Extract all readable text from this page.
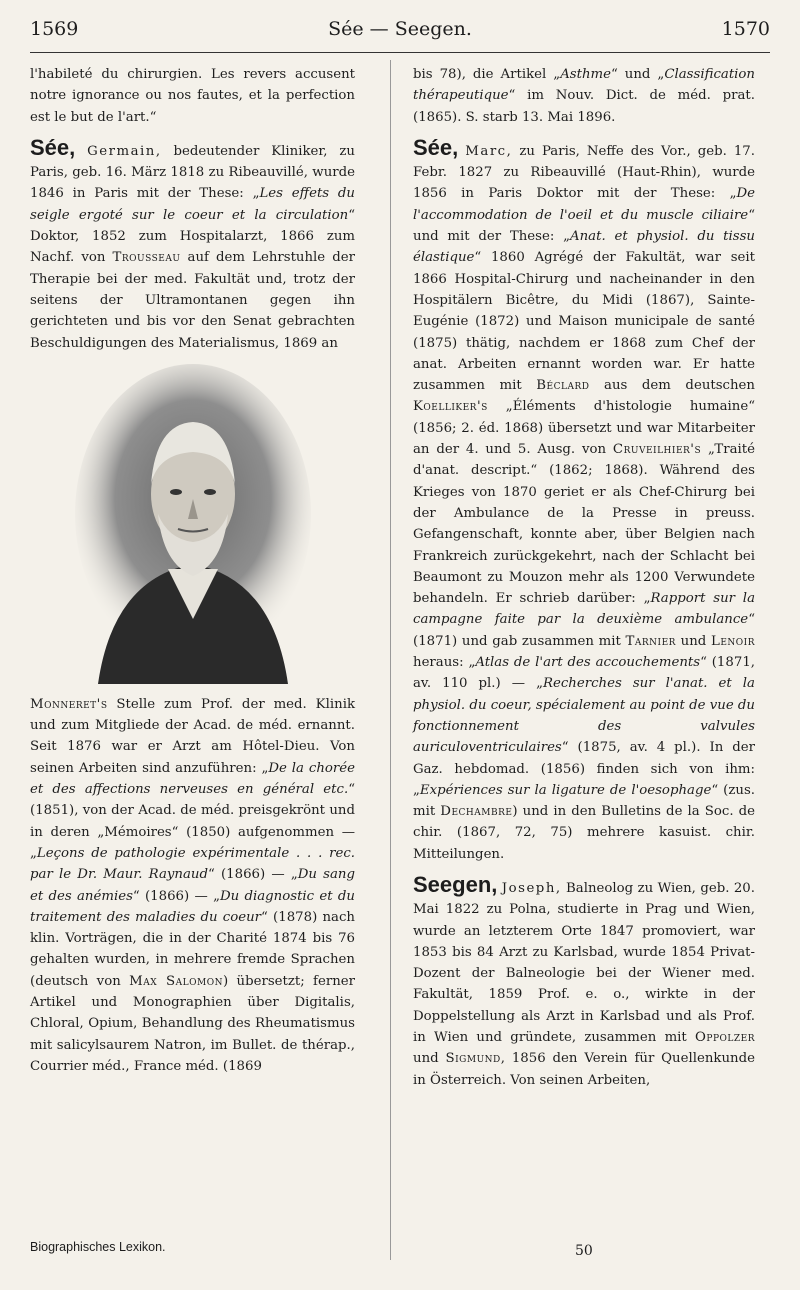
1569	Sée — Seegen.	1570

l'habileté du chirurgien. Les revers accusent notre ignorance ou nos fautes, et la perfection est le but de l'art.“

Sée, Germain, bedeutender Kliniker, zu Paris, geb. 16. März 1818 zu Ribeauvillé, wurde 1846 in Paris mit der These: „Les effets du seigle ergoté sur le coeur et la circulation“ Doktor, 1852 zum Hospitalarzt, 1866 zum Nachf. von Trousseau auf dem Lehrstuhle der Therapie bei der med. Fakultät und, trotz der seitens der Ultramontanen gegen ihn gerichteten und bis vor den Senat gebrachten Beschuldigungen des Materialismus, 1869 an

Monneret's Stelle zum Prof. der med. Klinik und zum Mitgliede der Acad. de méd. ernannt. Seit 1876 war er Arzt am Hôtel-Dieu. Von seinen Arbeiten sind anzuführen: „De la chorée et des affections nerveuses en général etc.“ (1851), von der Acad. de méd. preisgekrönt und in deren „Mémoires“ (1850) aufgenommen — „Leçons de pathologie expérimentale . . . rec. par le Dr. Maur. Raynaud“ (1866) — „Du sang et des anémies“ (1866) — „Du diagnostic et du traitement des maladies du coeur“ (1878) nach klin. Vorträgen, die in der Charité 1874 bis 76 gehalten wurden, in mehrere fremde Sprachen (deutsch von Max Salomon) übersetzt; ferner Artikel und Monographien über Digitalis, Chloral, Opium, Behandlung des Rheumatismus mit salicylsaurem Natron, im Bullet. de thérap., Courrier méd., France méd. (1869

bis 78), die Artikel „Asthme“ und „Classification thérapeutique“ im Nouv. Dict. de méd. prat. (1865). S. starb 13. Mai 1896.

Sée, Marc, zu Paris, Neffe des Vor., geb. 17. Febr. 1827 zu Ribeauvillé (Haut-Rhin), wurde 1856 in Paris Doktor mit der These: „De l'accommodation de l'oeil et du muscle ciliaire“ und mit der These: „Anat. et physiol. du tissu élastique“ 1860 Agrégé der Fakultät, war seit 1866 Hospital-Chirurg und nacheinander in den Hospitälern Bicêtre, du Midi (1867), Sainte-Eugénie (1872) und Maison municipale de santé (1875) thätig, nachdem er 1868 zum Chef der anat. Arbeiten ernannt worden war. Er hatte zusammen mit Béclard aus dem deutschen Koelliker's „Éléments d'histologie humaine“ (1856; 2. éd. 1868) übersetzt und war Mitarbeiter an der 4. und 5. Ausg. von Cruveilhier's „Traité d'anat. descript.“ (1862; 1868). Während des Krieges von 1870 geriet er als Chef-Chirurg bei der Ambulance de la Presse in preuss. Gefangenschaft, konnte aber, über Belgien nach Frankreich zurückgekehrt, nach der Schlacht bei Beaumont zu Mouzon mehr als 1200 Verwundete behandeln. Er schrieb darüber: „Rapport sur la campagne faite par la deuxième ambulance“ (1871) und gab zusammen mit Tarnier und Lenoir heraus: „Atlas de l'art des accouchements“ (1871, av. 110 pl.) — „Recherches sur l'anat. et la physiol. du coeur, spécialement au point de vue du fonctionnement des valvules auriculoventriculaires“ (1875, av. 4 pl.). In der Gaz. hebdomad. (1856) finden sich von ihm: „Expériences sur la ligature de l'oesophage“ (zus. mit Dechambre) und in den Bulletins de la Soc. de chir. (1867, 72, 75) mehrere kasuist. chir. Mitteilungen.

Seegen, Joseph, Balneolog zu Wien, geb. 20. Mai 1822 zu Polna, studierte in Prag und Wien, wurde an letzterem Orte 1847 promoviert, war 1853 bis 84 Arzt zu Karlsbad, wurde 1854 Privat-Dozent der Balneologie bei der Wiener med. Fakultät, 1859 Prof. e. o., wirkte in der Doppelstellung als Arzt in Karlsbad und als Prof. in Wien und gründete, zusammen mit Oppolzer und Sigmund, 1856 den Verein für Quellenkunde in Österreich. Von seinen Arbeiten,

Biographisches Lexikon.	50
